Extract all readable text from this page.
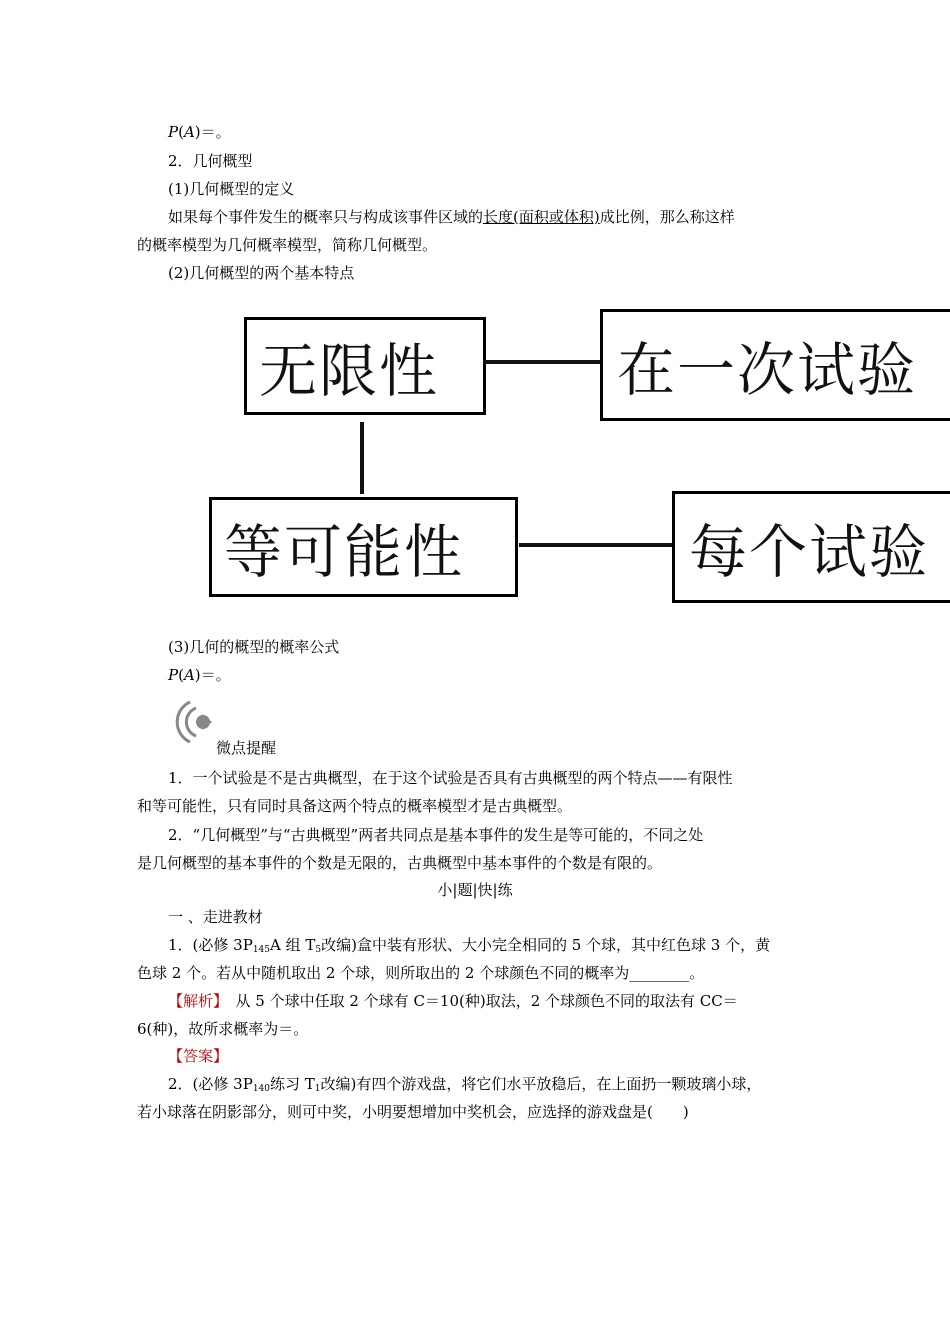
P(A)＝。
2．几何概型
(1)几何概型的定义
如果每个事件发生的概率只与构成该事件区域的长度(面积或体积)成比例，那么称这样
的概率模型为几何概率模型，简称几何概型。
(2)几何概型的两个基本特点
无限性	在一次试验
等可能性	每个试验
(3)几何的概型的概率公式
P(A)＝。
微点提醒
1．一个试验是不是古典概型，在于这个试验是否具有古典概型的两个特点——有限性
和等可能性，只有同时具备这两个特点的概率模型才是古典概型。
2．“几何概型”与“古典概型”两者共同点是基本事件的发生是等可能的，不同之处
是几何概型的基本事件的个数是无限的，古典概型中基本事件的个数是有限的。
小|题|快|练
一 、走进教材
1．(必修 $3P_{145}A$ 组 $T_5$改编)盒中装有形状、大小完全相同的 5 个球，其中红色球 3 个，黄
色球 2 个。若从中随机取出 2 个球，则所取出的 2 个球颜色不同的概率为________。
【解析】　从 5 个球中任取 2 个球有 C＝10(种)取法，2 个球颜色不同的取法有 CC＝
6(种)，故所求概率为＝。
【答案】
2．(必修 $3P_{140}$练习 $T_1$改编)有四个游戏盘，将它们水平放稳后，在上面扔一颗玻璃小球，
若小球落在阴影部分，则可中奖，小明要想增加中奖机会，应选择的游戏盘是(　　)
